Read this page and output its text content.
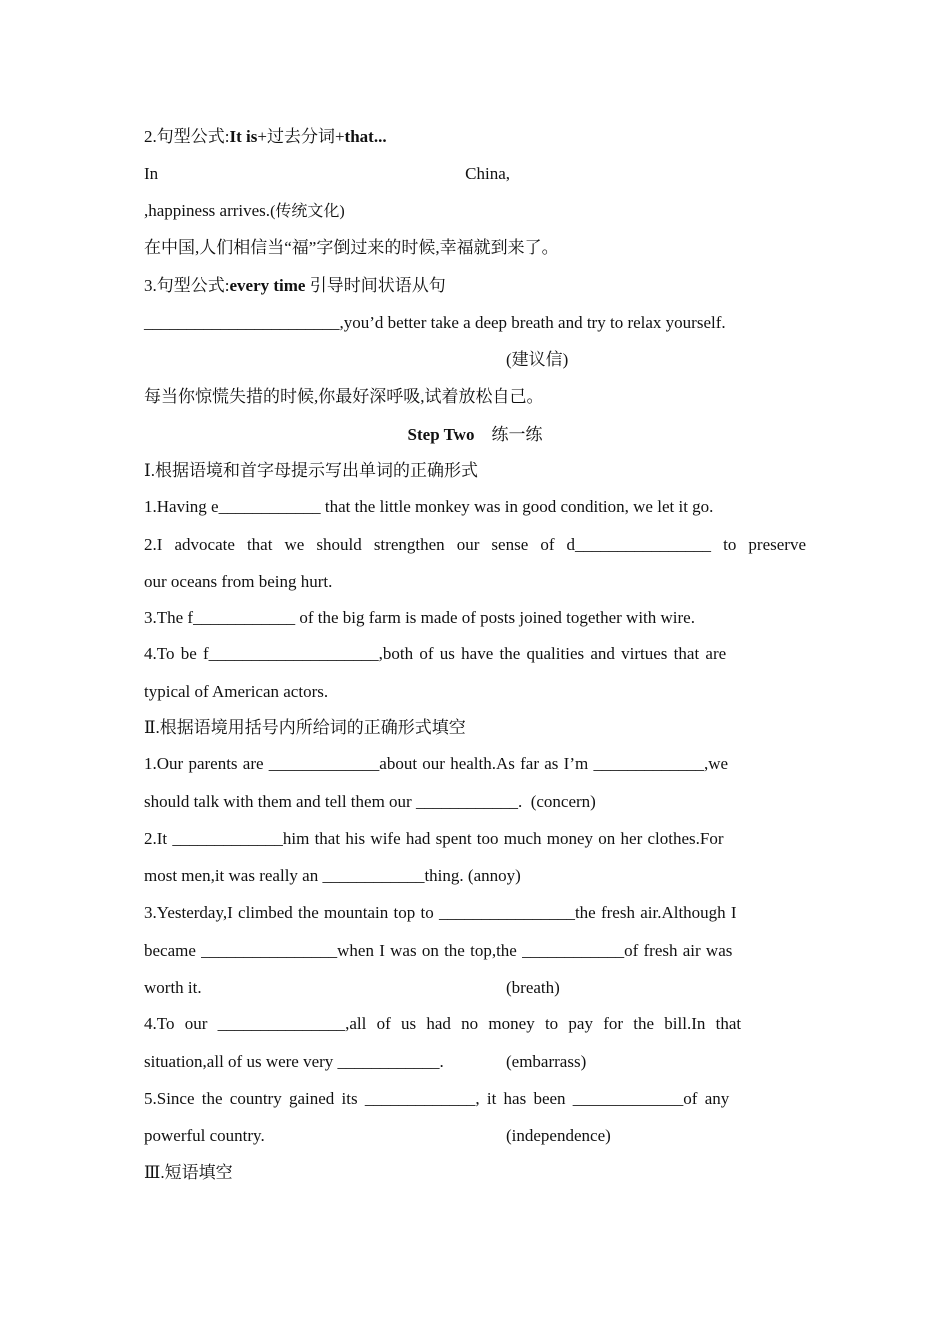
2.句型公式:It is+过去分词+that...
In	China,
,happiness arrives.(传统文化)
在中国,人们相信当“福”字倒过来的时候,幸福就到来了。
3.句型公式:every time 引导时间状语从句
_______________________,you’d better take a deep breath and try to relax yourself.
(建议信)
每当你惊慌失措的时候,你最好深呼吸,试着放松自己。
Step Two 练一练
Ⅰ.根据语境和首字母提示写出单词的正确形式
1.Having e____________ that the little monkey was in good condition, we let it go.
2.I advocate that we should strengthen our sense of d________________ to preserve
our oceans from being hurt.
3.The f____________ of the big farm is made of posts joined together with wire.
4.To be f____________________,both of us have the qualities and virtues that are
typical of American actors.
Ⅱ.根据语境用括号内所给词的正确形式填空
1.Our parents are _____________about our health.As far as I’m _____________,we
should talk with them and tell them our ____________. (concern)
2.It _____________him that his wife had spent too much money on her clothes.For
most men,it was really an ____________thing. (annoy)
3.Yesterday,I climbed the mountain top to ________________the fresh air.Although I
became ________________when I was on the top,the ____________of fresh air was
worth it.	(breath)
4.To our _______________,all of us had no money to pay for the bill.In that
situation,all of us were very ____________.	(embarrass)
5.Since the country gained its _____________, it has been _____________of any
powerful country.	(independence)
Ⅲ.短语填空
